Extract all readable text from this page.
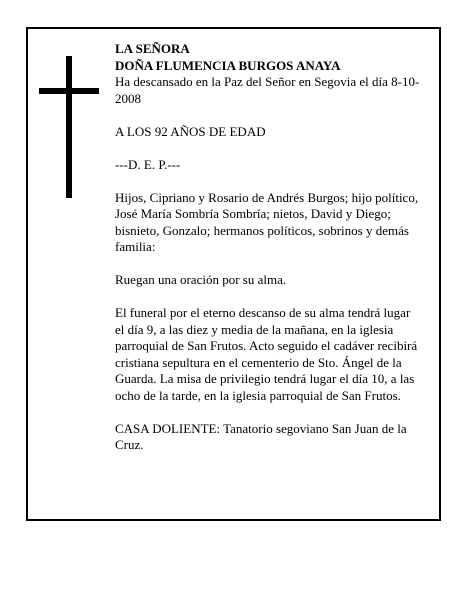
LA SEÑORA

DOÑA FLUMENCIA BURGOS ANAYA

Ha descansado en la Paz del Señor en Segovia el día 8-10-2008

A LOS 92 AÑOS DE EDAD

---D. E. P.---

Hijos, Cipriano y Rosario de Andrés Burgos; hijo político, José María Sombría Sombría; nietos, David y Diego; bisnieto, Gonzalo; hermanos políticos, sobrinos y demás familia:

Ruegan una oración por su alma.

El funeral por el eterno descanso de su alma tendrá lugar el día 9, a las diez y media de la mañana, en la iglesia parroquial de San Frutos. Acto seguido el cadáver recibirá cristiana sepultura en el cementerio de Sto. Ángel de la Guarda. La misa de privilegio tendrá lugar el día 10, a las ocho de la tarde, en la iglesia parroquial de San Frutos.

CASA DOLIENTE: Tanatorio segoviano San Juan de la Cruz.
